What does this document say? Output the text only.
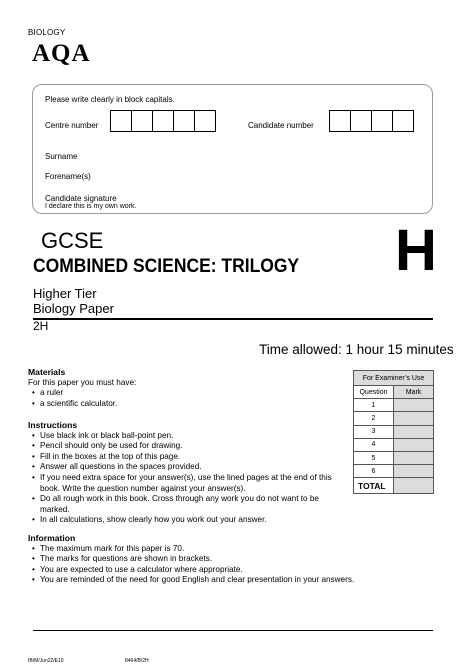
BIOLOGY
AQA
Please write clearly in block capitals.
Centre number	Candidate number
Surname
Forename(s)
Candidate signature
I declare this is my own work.
GCSE
COMBINED SCIENCE: TRILOGY H
Higher Tier
Biology Paper
2H
Time allowed: 1 hour 15 minutes
Materials
For this paper you must have:
• a ruler
• a scientific calculator.
Instructions
• Use black ink or black ball-point pen.
• Pencil should only be used for drawing.
• Fill in the boxes at the top of this page.
• Answer all questions in the spaces provided.
• If you need extra space for your answer(s), use the lined pages at the end of this book. Write the question number against your answer(s).
• Do all rough work in this book. Cross through any work you do not want to be marked.
• In all calculations, show clearly how you work out your answer.
Information
• The maximum mark for this paper is 70.
• The marks for questions are shown in brackets.
• You are expected to use a calculator where appropriate.
• You are reminded of the need for good English and clear presentation in your answers.
For Examiner’s Use	
Question	Mark
1	
2	
3	
4	
5	
6	
TOTAL	
IB/M/Jun22/E10	8464/B/2H
